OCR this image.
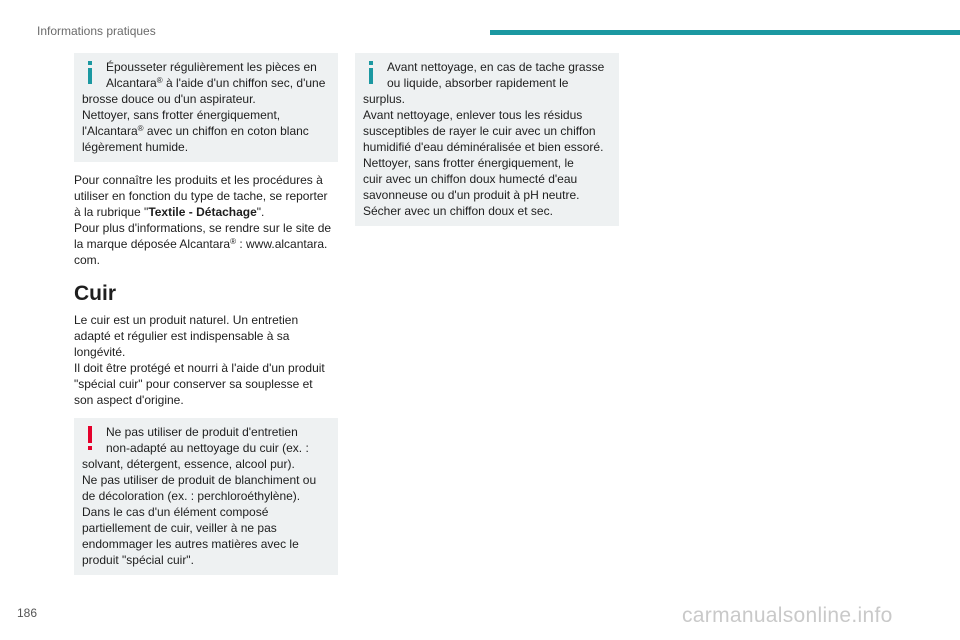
Informations pratiques
Épousseter régulièrement les pièces en
Alcantara® à l'aide d'un chiffon sec, d'une
brosse douce ou d'un aspirateur.
Nettoyer, sans frotter énergiquement,
l'Alcantara® avec un chiffon en coton blanc
légèrement humide.
Pour connaître les produits et les procédures à
utiliser en fonction du type de tache, se reporter
à la rubrique "Textile - Détachage".
Pour plus d'informations, se rendre sur le site de
la marque déposée Alcantara® : www.alcantara.
com.
Cuir
Le cuir est un produit naturel. Un entretien
adapté et régulier est indispensable à sa
longévité.
Il doit être protégé et nourri à l'aide d'un produit
"spécial cuir" pour conserver sa souplesse et
son aspect d'origine.
Ne pas utiliser de produit d'entretien
non-adapté au nettoyage du cuir (ex. :
solvant, détergent, essence, alcool pur).
Ne pas utiliser de produit de blanchiment ou
de décoloration (ex. : perchloroéthylène).
Dans le cas d'un élément composé
partiellement de cuir, veiller à ne pas
endommager les autres matières avec le
produit "spécial cuir".
Avant nettoyage, en cas de tache grasse
ou liquide, absorber rapidement le
surplus.
Avant nettoyage, enlever tous les résidus
susceptibles de rayer le cuir avec un chiffon
humidifié d'eau déminéralisée et bien essoré.
Nettoyer, sans frotter énergiquement, le
cuir avec un chiffon doux humecté d'eau
savonneuse ou d'un produit à pH neutre.
Sécher avec un chiffon doux et sec.
186	carmanualsonline.info
